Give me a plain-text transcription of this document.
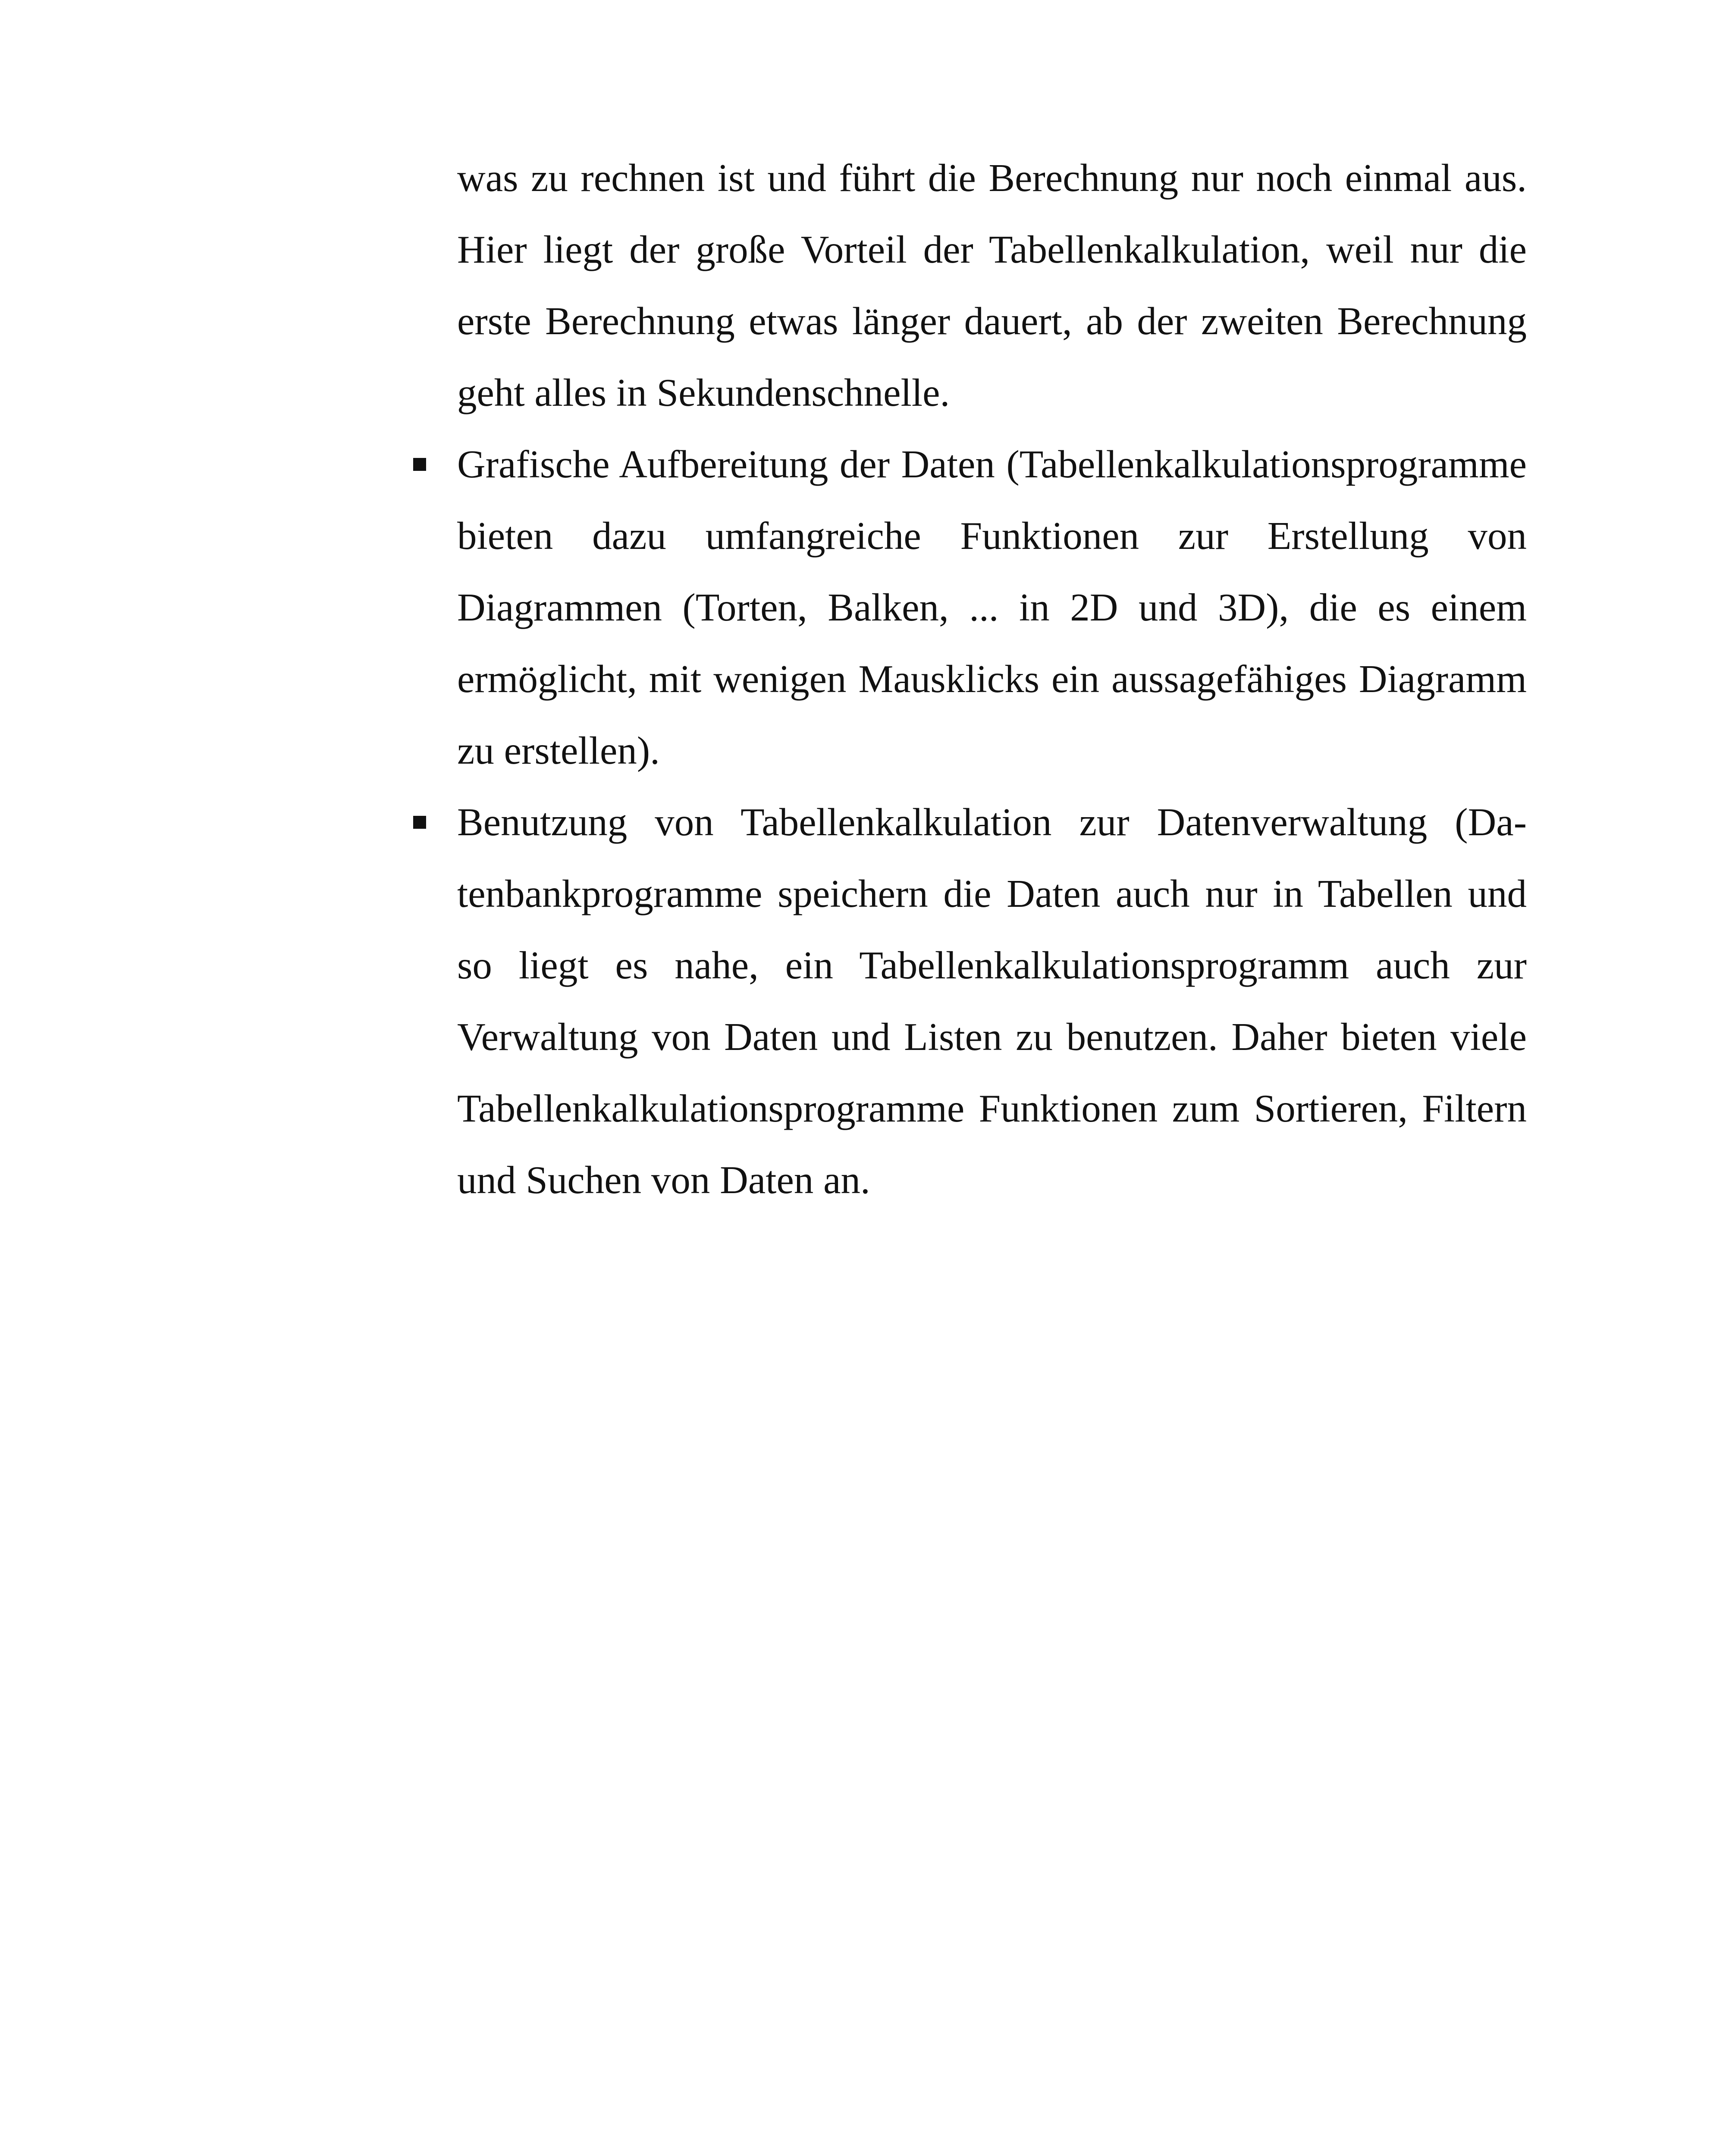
was zu rechnen ist und führt die Berechnung nur noch einmal aus. Hier liegt der große Vorteil der Tabellenkalkulation, weil nur die erste Berechnung etwas länger dauert, ab der zweiten Berechnung geht alles in Sekundenschnelle.

Grafische Aufbereitung der Daten (Tabellenkalkulationsprogramme bieten dazu umfangreiche Funktionen zur Erstellung von Diagrammen (Torten, Balken, ... in 2D und 3D), die es einem ermöglicht, mit wenigen Mausklicks ein aussagefähiges Diagramm zu erstellen).

Benutzung von Tabellenkalkulation zur Datenverwaltung (Datenbankprogramme speichern die Daten auch nur in Tabellen und so liegt es nahe, ein Tabellenkalkulationsprogramm auch zur Verwaltung von Daten und Listen zu benutzen. Daher bieten viele Tabellenkalkulationsprogramme Funktionen zum Sortieren, Filtern und Suchen von Daten an.
